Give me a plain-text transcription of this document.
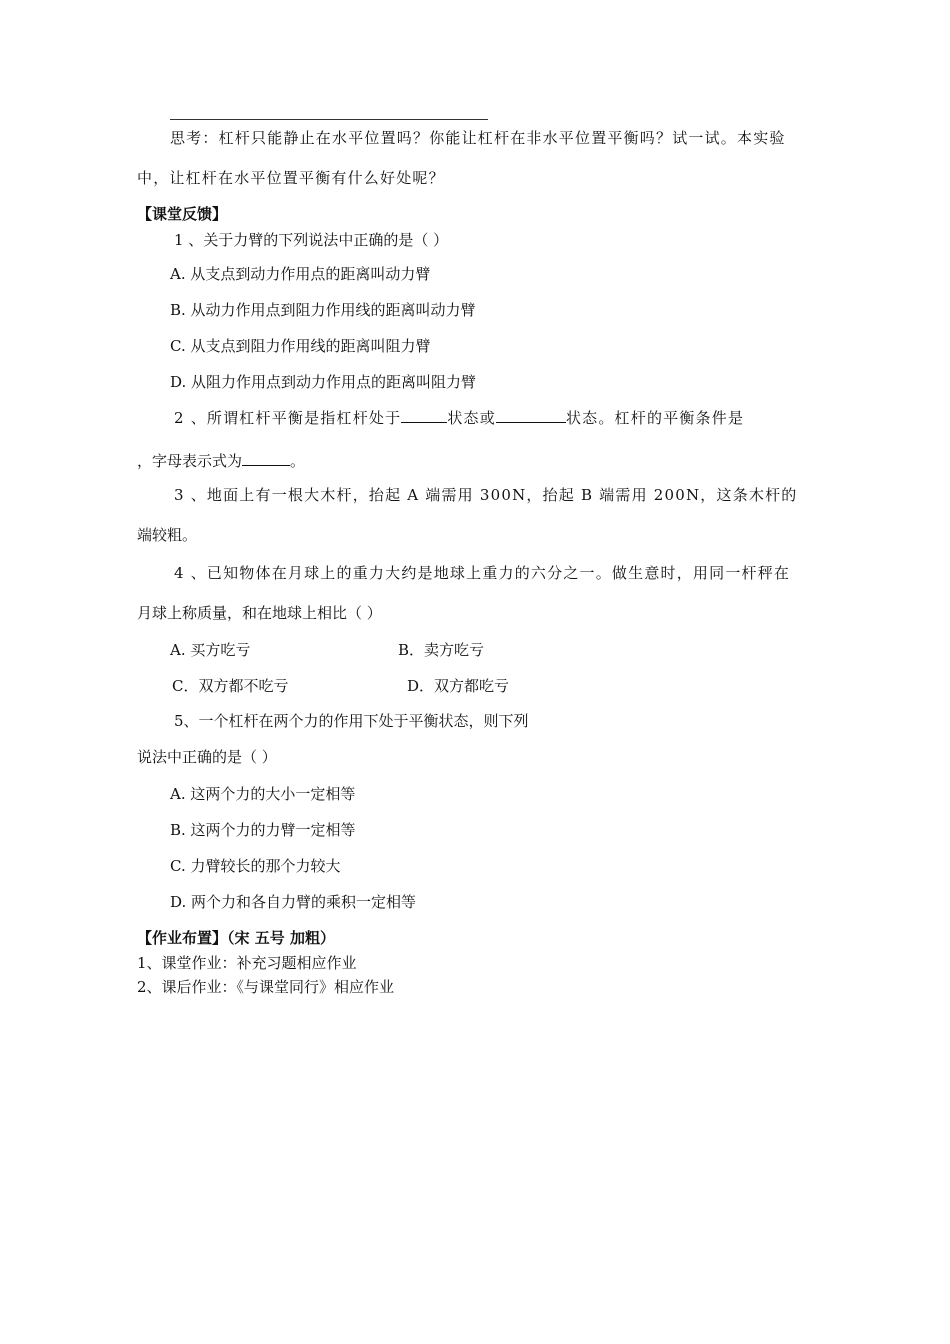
思考：杠杆只能静止在水平位置吗？你能让杠杆在非水平位置平衡吗？试一试。本实验
中，让杠杆在水平位置平衡有什么好处呢？
【课堂反馈】
1 、关于力臂的下列说法中正确的是（ ）
A. 从支点到动力作用点的距离叫动力臂
B. 从动力作用点到阻力作用线的距离叫动力臂
C. 从支点到阻力作用线的距离叫阻力臂
D. 从阻力作用点到动力作用点的距离叫阻力臂
2 、所谓杠杆平衡是指杠杆处于	状态或	状态。杠杆的平衡条件是
，字母表示式为	。
3 、地面上有一根大木杆，抬起 A 端需用 300N，抬起 B 端需用 200N，这条木杆的
端较粗。
4 、已知物体在月球上的重力大约是地球上重力的六分之一。做生意时，用同一杆秤在
月球上称质量，和在地球上相比（ ）
A. 买方吃亏	B．卖方吃亏
C．双方都不吃亏	D．双方都吃亏
5、一个杠杆在两个力的作用下处于平衡状态，则下列
说法中正确的是（ ）
A. 这两个力的大小一定相等
B. 这两个力的力臂一定相等
C. 力臂较长的那个力较大
D. 两个力和各自力臂的乘积一定相等
【作业布置】（宋 五号 加粗）
1、课堂作业：补充习题相应作业
2、课后作业：《与课堂同行》相应作业
